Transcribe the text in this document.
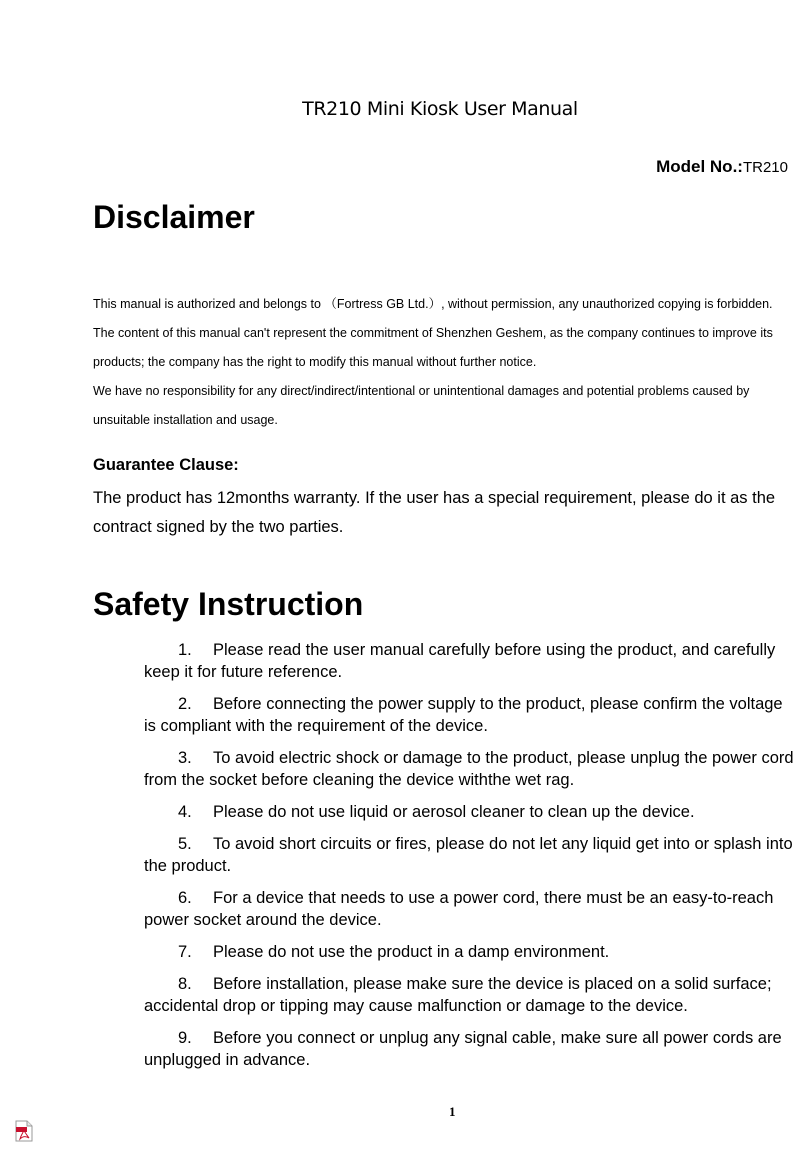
TR210 Mini Kiosk User Manual
Model No.:TR210
Disclaimer

This manual is authorized and belongs to （Fortress GB Ltd.）, without permission, any unauthorized copying is forbidden.
The content of this manual can't represent the commitment of Shenzhen Geshem, as the company continues to improve its products; the company has the right to modify this manual without further notice.
We have no responsibility for any direct/indirect/intentional or unintentional damages and potential problems caused by unsuitable installation and usage.

Guarantee Clause:

The product has 12months warranty. If the user has a special requirement, please do it as the contract signed by the two parties.

Safety Instruction
1. Please read the user manual carefully before using the product, and carefully keep it for future reference.
2. Before connecting the power supply to the product, please confirm the voltage is compliant with the requirement of the device.
3. To avoid electric shock or damage to the product, please unplug the power cord from the socket before cleaning the device withthe wet rag.
4. Please do not use liquid or aerosol cleaner to clean up the device.
5. To avoid short circuits or fires, please do not let any liquid get into or splash into the product.
6. For a device that needs to use a power cord, there must be an easy-to-reach power socket around the device.
7. Please do not use the product in a damp environment.
8. Before installation, please make sure the device is placed on a solid surface; accidental drop or tipping may cause malfunction or damage to the device.
9. Before you connect or unplug any signal cable, make sure all power cords are unplugged in advance.
1
